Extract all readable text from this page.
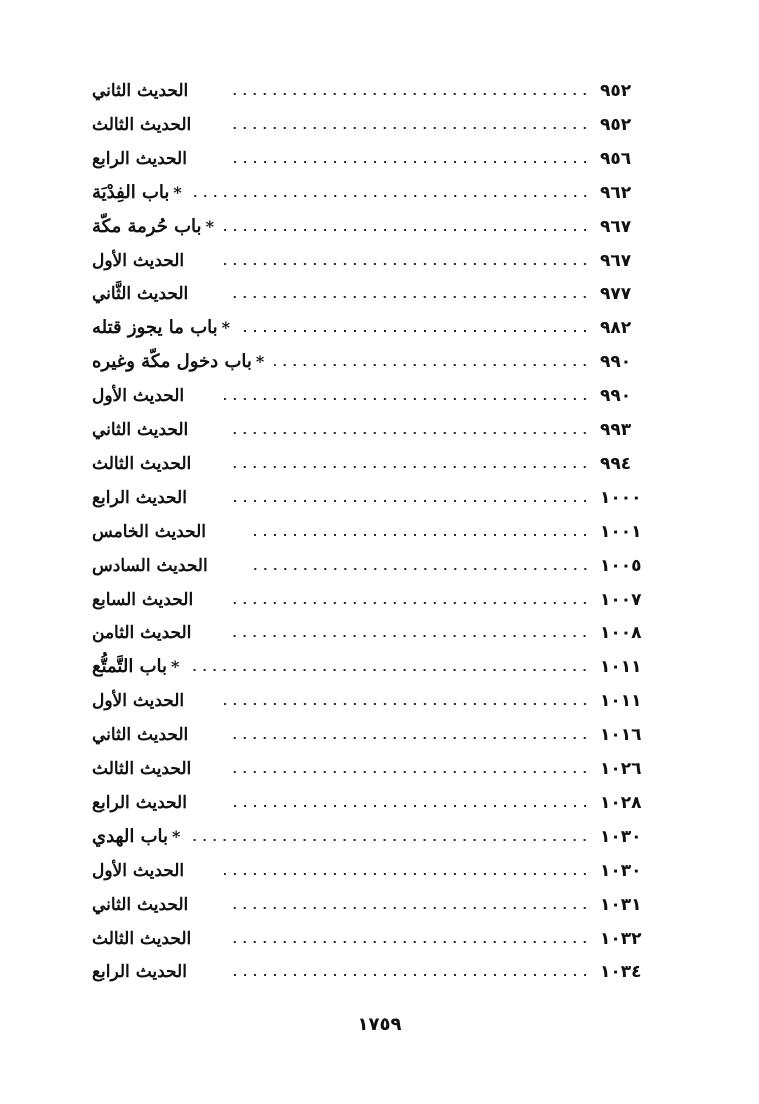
الحديث الثاني	٩٥٢
الحديث الثالث	٩٥٢
الحديث الرابع	٩٥٦
*باب الفِدْيَة	٩٦٢
*باب حُرمة مكّة	٩٦٧
الحديث الأول	٩٦٧
الحديث الثَّاني	٩٧٧
*باب ما يجوز قتله	٩٨٢
*باب دخول مكّة وغيره	٩٩٠
الحديث الأول	٩٩٠
الحديث الثاني	٩٩٣
الحديث الثالث	٩٩٤
الحديث الرابع	١٠٠٠
الحديث الخامس	١٠٠١
الحديث السادس	١٠٠٥
الحديث السابع	١٠٠٧
الحديث الثامن	١٠٠٨
*باب التَّمتُّع	١٠١١
الحديث الأول	١٠١١
الحديث الثاني	١٠١٦
الحديث الثالث	١٠٢٦
الحديث الرابع	١٠٢٨
*باب الهدي	١٠٣٠
الحديث الأول	١٠٣٠
الحديث الثاني	١٠٣١
الحديث الثالث	١٠٣٢
الحديث الرابع	١٠٣٤
١٧٥٩
